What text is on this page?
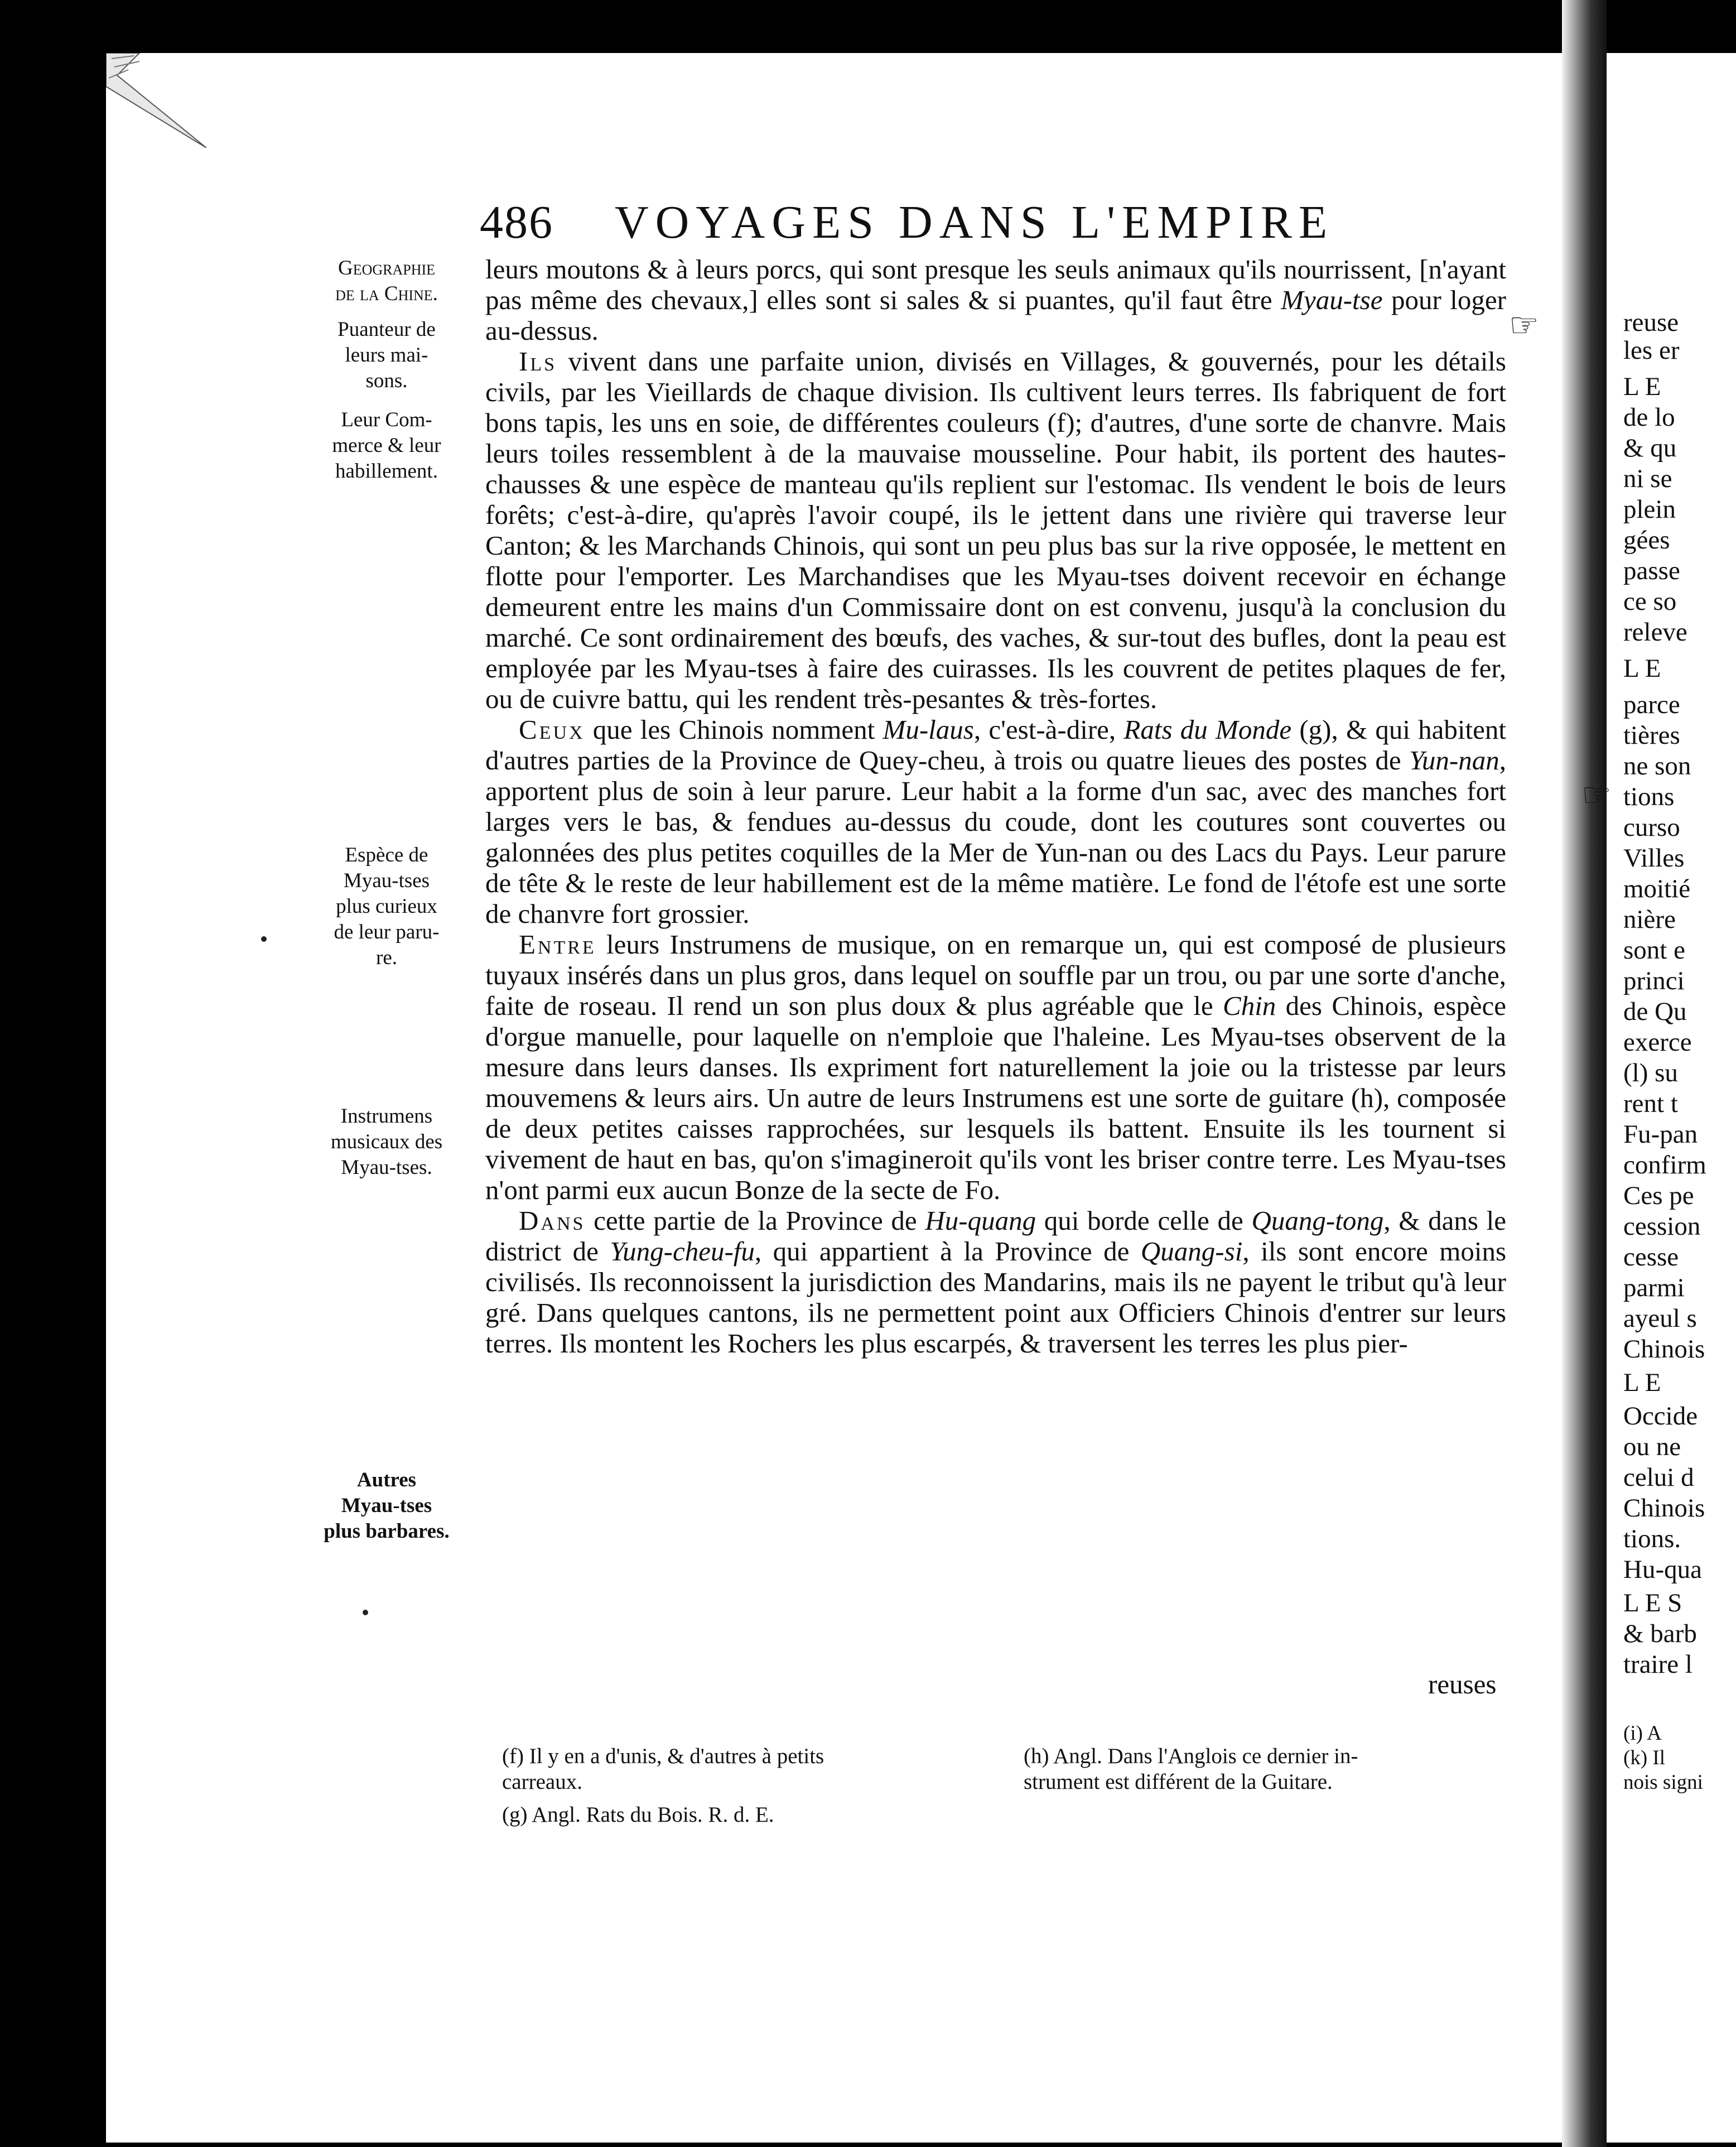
486 VOYAGES DANS L'EMPIRE
Geographie
de la Chine.
Puanteur de
leurs mai-
sons.
Leur Com-
merce & leur
habillement.
Espèce de
Myau-tses
plus curieux
de leur paru-
re.
Instrumens
musicaux des
Myau-tses.
Autres
Myau-tses
plus barbares.

leurs moutons & à leurs porcs, qui sont presque les seuls animaux qu'ils nourrissent, [n'ayant pas même des chevaux,] elles sont si sales & si puantes, qu'il faut être Myau-tse pour loger au-dessus.

Ils vivent dans une parfaite union, divisés en Villages, & gouvernés, pour les détails civils, par les Vieillards de chaque division. Ils cultivent leurs terres. Ils fabriquent de fort bons tapis, les uns en soie, de différentes couleurs (f); d'autres, d'une sorte de chanvre. Mais leurs toiles ressemblent à de la mauvaise mousseline. Pour habit, ils portent des hautes-chausses & une espèce de manteau qu'ils replient sur l'estomac. Ils vendent le bois de leurs forêts; c'est-à-dire, qu'après l'avoir coupé, ils le jettent dans une rivière qui traverse leur Canton; & les Marchands Chinois, qui sont un peu plus bas sur la rive opposée, le mettent en flotte pour l'emporter. Les Marchandises que les Myau-tses doivent recevoir en échange demeurent entre les mains d'un Commissaire dont on est convenu, jusqu'à la conclusion du marché. Ce sont ordinairement des bœufs, des vaches, & sur-tout des bufles, dont la peau est employée par les Myau-tses à faire des cuirasses. Ils les couvrent de petites plaques de fer, ou de cuivre battu, qui les rendent très-pesantes & très-fortes.

Ceux que les Chinois nomment Mu-laus, c'est-à-dire, Rats du Monde (g), & qui habitent d'autres parties de la Province de Quey-cheu, à trois ou quatre lieues des postes de Yun-nan, apportent plus de soin à leur parure. Leur habit a la forme d'un sac, avec des manches fort larges vers le bas, & fendues au-dessus du coude, dont les coutures sont couvertes ou galonnées des plus petites coquilles de la Mer de Yun-nan ou des Lacs du Pays. Leur parure de tête & le reste de leur habillement est de la même matière. Le fond de l'étofe est une sorte de chanvre fort grossier.

Entre leurs Instrumens de musique, on en remarque un, qui est composé de plusieurs tuyaux insérés dans un plus gros, dans lequel on souffle par un trou, ou par une sorte d'anche, faite de roseau. Il rend un son plus doux & plus agréable que le Chin des Chinois, espèce d'orgue manuelle, pour laquelle on n'emploie que l'haleine. Les Myau-tses observent de la mesure dans leurs danses. Ils expriment fort naturellement la joie ou la tristesse par leurs mouvemens & leurs airs. Un autre de leurs Instrumens est une sorte de guitare (h), composée de deux petites caisses rapprochées, sur lesquels ils battent. Ensuite ils les tournent si vivement de haut en bas, qu'on s'imagineroit qu'ils vont les briser contre terre. Les Myau-tses n'ont parmi eux aucun Bonze de la secte de Fo.

Dans cette partie de la Province de Hu-quang qui borde celle de Quang-tong, & dans le district de Yung-cheu-fu, qui appartient à la Province de Quang-si, ils sont encore moins civilisés. Ils reconnoissent la jurisdiction des Mandarins, mais ils ne payent le tribut qu'à leur gré. Dans quelques cantons, ils ne permettent point aux Officiers Chinois d'entrer sur leurs terres. Ils montent les Rochers les plus escarpés, & traversent les terres les plus pier-

☞
reuses
(f) Il y en a d'unis, & d'autres à petits
carreaux.
(g) Angl. Rats du Bois. R. d. E.
(h) Angl. Dans l'Anglois ce dernier in-
strument est différent de la Guitare.
reuse
les er
L E
de lo
& qu
ni se
plein
gées
passe
ce so
releve
L E
parce
tières
ne son
tions
curso
Villes
moitié
nière
sont e
princi
de Qu
exerce
(l) su
rent t
Fu-pan
confirm
Ces pe
cession
cesse
parmi
ayeul s
Chinois
L E
Occide
ou ne
celui d
Chinois
tions.
Hu-qua
L E S
& barb
traire l
(i) A
(k) Il
nois signi
☞
